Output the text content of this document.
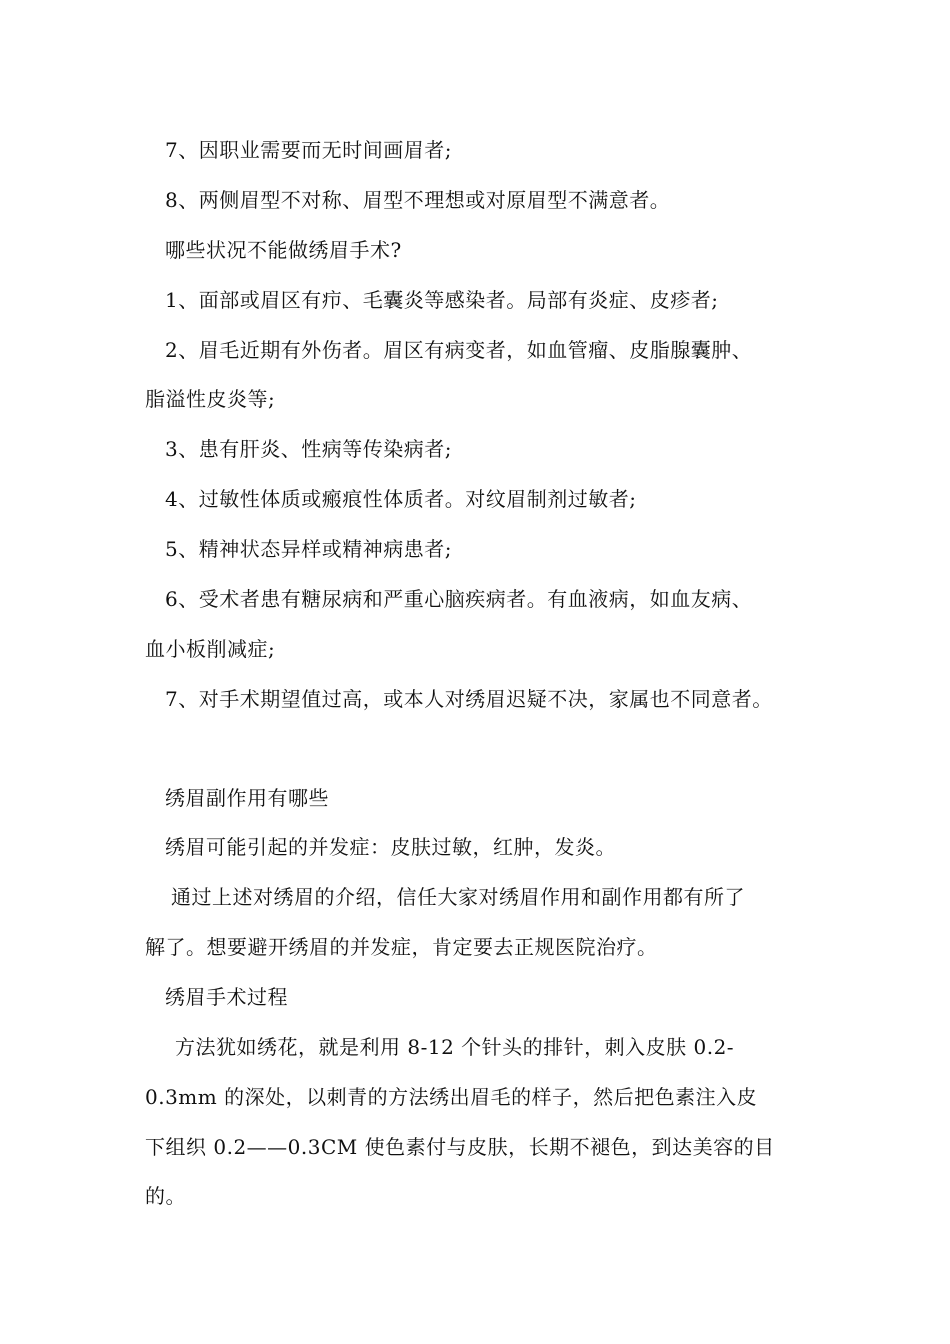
7、因职业需要而无时间画眉者;
8、两侧眉型不对称、眉型不理想或对原眉型不满意者。
哪些状况不能做绣眉手术?
1、面部或眉区有疖、毛囊炎等感染者。局部有炎症、皮疹者;
2、眉毛近期有外伤者。眉区有病变者，如血管瘤、皮脂腺囊肿、
脂溢性皮炎等;
3、患有肝炎、性病等传染病者;
4、过敏性体质或瘢痕性体质者。对纹眉制剂过敏者;
5、精神状态异样或精神病患者;
6、受术者患有糖尿病和严重心脑疾病者。有血液病，如血友病、
血小板削减症;
7、对手术期望值过高，或本人对绣眉迟疑不决，家属也不同意者。
绣眉副作用有哪些
绣眉可能引起的并发症：皮肤过敏，红肿，发炎。
通过上述对绣眉的介绍，信任大家对绣眉作用和副作用都有所了
解了。想要避开绣眉的并发症，肯定要去正规医院治疗。
绣眉手术过程
方法犹如绣花，就是利用 8-12 个针头的排针，刺入皮肤 0.2-
0.3mm 的深处，以刺青的方法绣出眉毛的样子，然后把色素注入皮
下组织 0.2——0.3CM 使色素付与皮肤，长期不褪色，到达美容的目
的。
